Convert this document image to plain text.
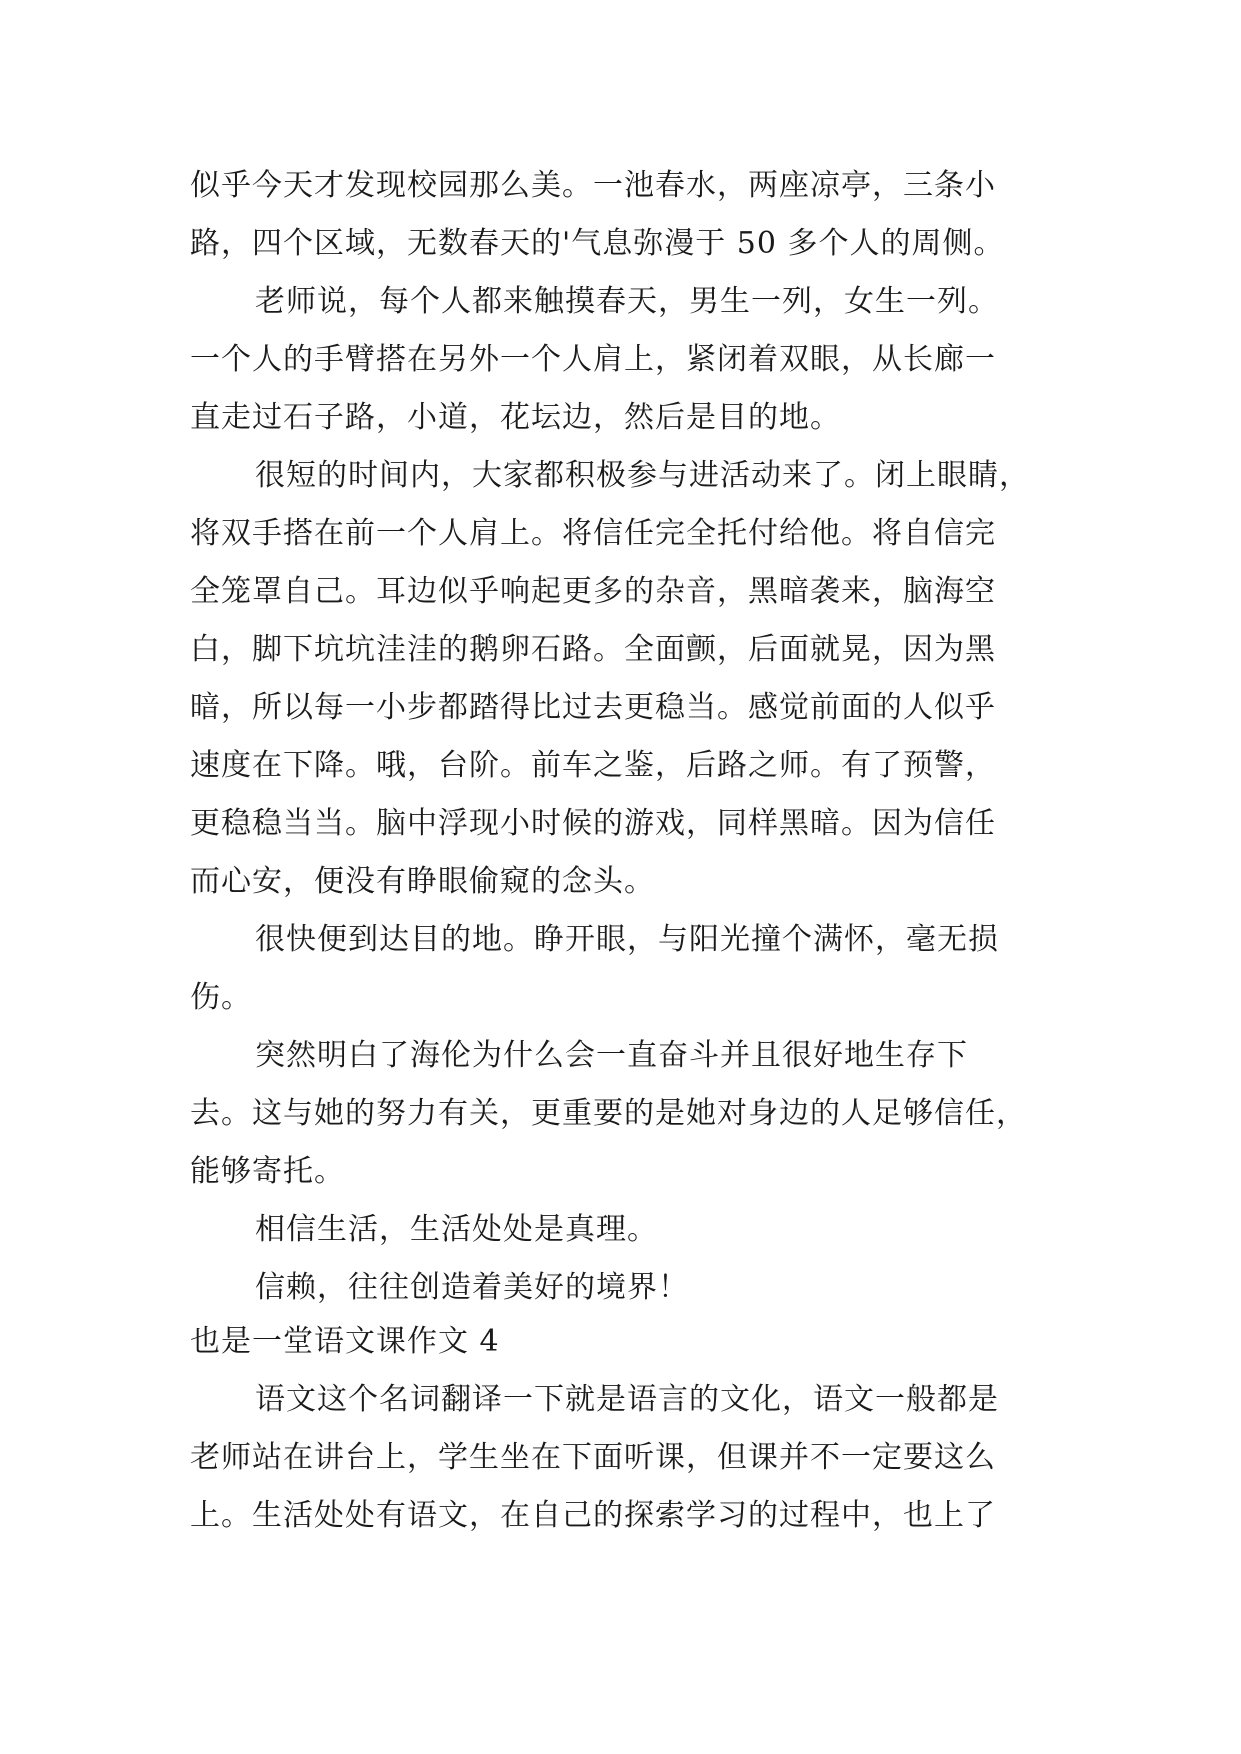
似乎今天才发现校园那么美。一池春水，两座凉亭，三条小
路，四个区域，无数春天的'气息弥漫于 50 多个人的周侧。
老师说，每个人都来触摸春天，男生一列，女生一列。
一个人的手臂搭在另外一个人肩上，紧闭着双眼，从长廊一
直走过石子路，小道，花坛边，然后是目的地。
很短的时间内，大家都积极参与进活动来了。闭上眼睛，
将双手搭在前一个人肩上。将信任完全托付给他。将自信完
全笼罩自己。耳边似乎响起更多的杂音，黑暗袭来，脑海空
白，脚下坑坑洼洼的鹅卵石路。全面颤，后面就晃，因为黑
暗，所以每一小步都踏得比过去更稳当。感觉前面的人似乎
速度在下降。哦，台阶。前车之鉴，后路之师。有了预警，
更稳稳当当。脑中浮现小时候的游戏，同样黑暗。因为信任
而心安，便没有睁眼偷窥的念头。
很快便到达目的地。睁开眼，与阳光撞个满怀，毫无损
伤。
突然明白了海伦为什么会一直奋斗并且很好地生存下
去。这与她的努力有关，更重要的是她对身边的人足够信任，
能够寄托。
相信生活，生活处处是真理。
信赖，往往创造着美好的境界！
也是一堂语文课作文 4
语文这个名词翻译一下就是语言的文化，语文一般都是
老师站在讲台上，学生坐在下面听课，但课并不一定要这么
上。生活处处有语文，在自己的探索学习的过程中，也上了
